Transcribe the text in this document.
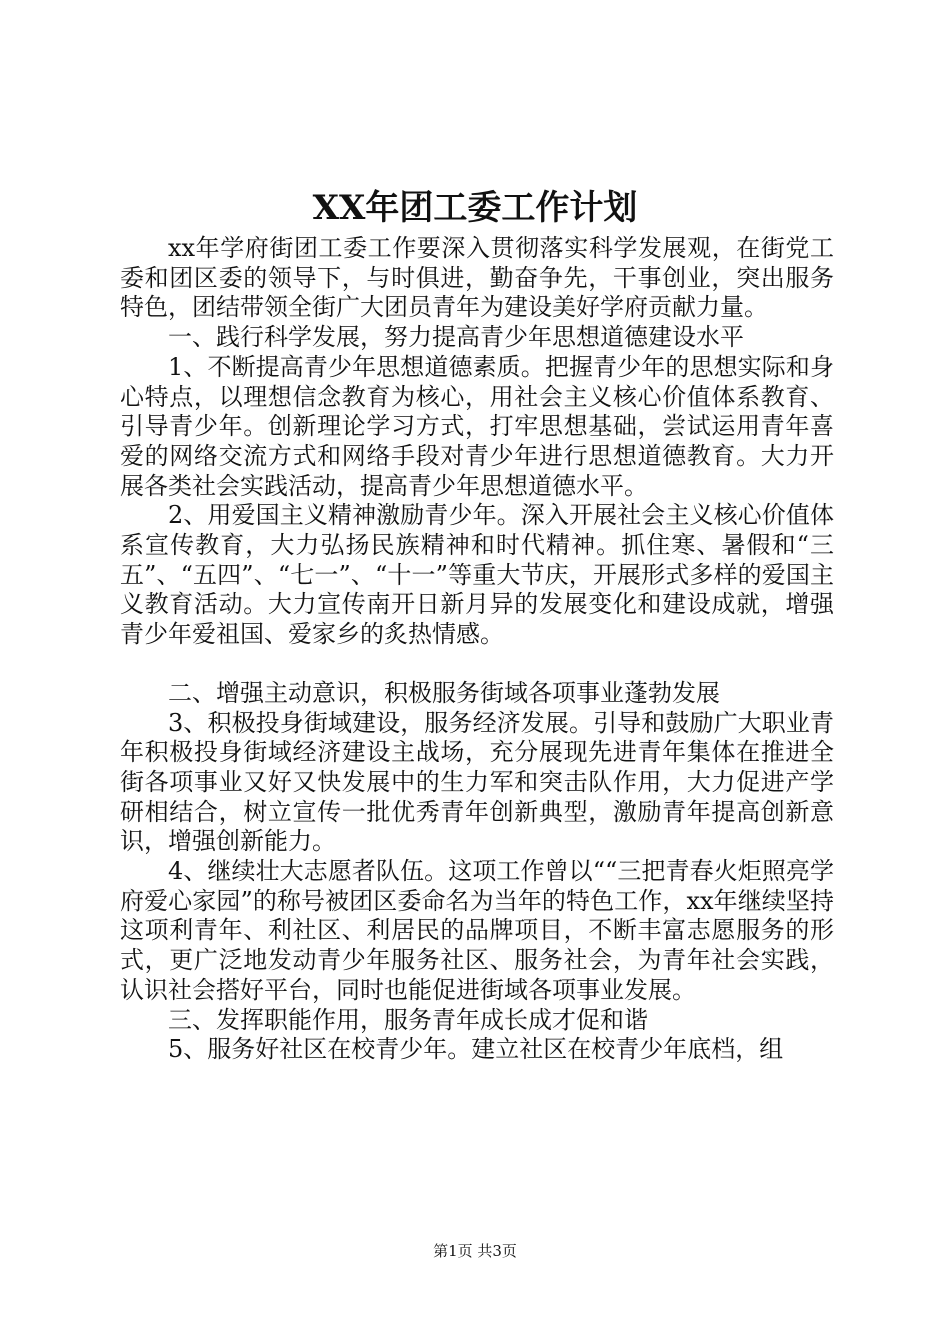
XX年团工委工作计划

xx年学府街团工委工作要深入贯彻落实科学发展观，在街党工委和团区委的领导下，与时俱进，勤奋争先，干事创业，突出服务特色，团结带领全街广大团员青年为建设美好学府贡献力量。

一、践行科学发展，努力提高青少年思想道德建设水平

1、不断提高青少年思想道德素质。把握青少年的思想实际和身心特点，以理想信念教育为核心，用社会主义核心价值体系教育、引导青少年。创新理论学习方式，打牢思想基础，尝试运用青年喜爱的网络交流方式和网络手段对青少年进行思想道德教育。大力开展各类社会实践活动，提高青少年思想道德水平。

2、用爱国主义精神激励青少年。深入开展社会主义核心价值体系宣传教育，大力弘扬民族精神和时代精神。抓住寒、暑假和“三五”、“五四”、“七一”、“十一”等重大节庆，开展形式多样的爱国主义教育活动。大力宣传南开日新月异的发展变化和建设成就，增强青少年爱祖国、爱家乡的炙热情感。

二、增强主动意识，积极服务街域各项事业蓬勃发展

3、积极投身街域建设，服务经济发展。引导和鼓励广大职业青年积极投身街域经济建设主战场，充分展现先进青年集体在推进全街各项事业又好又快发展中的生力军和突击队作用，大力促进产学研相结合，树立宣传一批优秀青年创新典型，激励青年提高创新意识，增强创新能力。

4、继续壮大志愿者队伍。这项工作曾以““三把青春火炬照亮学府爱心家园”的称号被团区委命名为当年的特色工作，xx年继续坚持这项利青年、利社区、利居民的品牌项目，不断丰富志愿服务的形式，更广泛地发动青少年服务社区、服务社会，为青年社会实践，认识社会搭好平台，同时也能促进街域各项事业发展。

三、发挥职能作用，服务青年成长成才促和谐

5、服务好社区在校青少年。建立社区在校青少年底档，组

第1页 共3页
